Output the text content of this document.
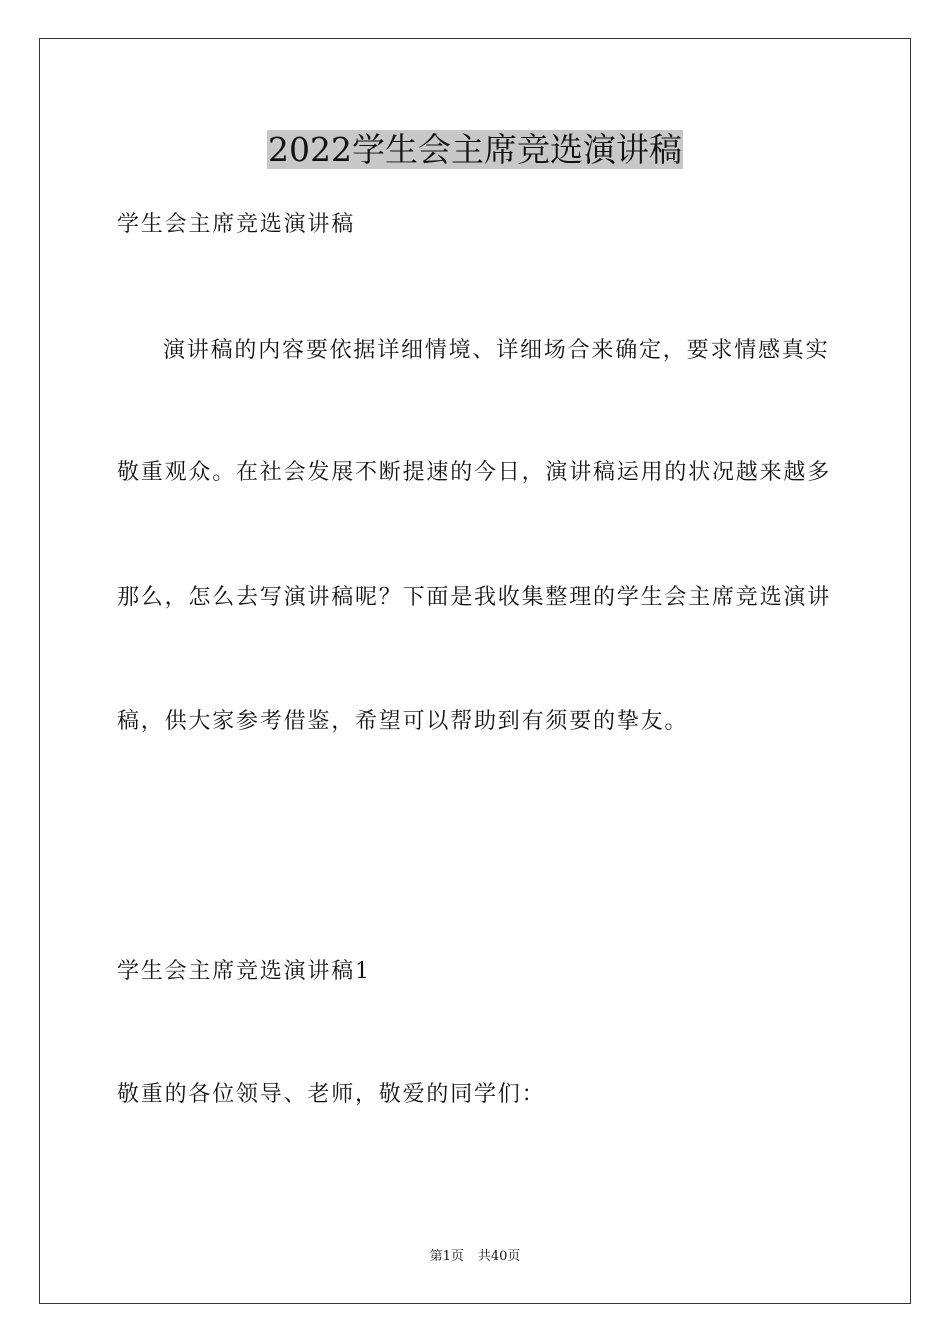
2022学生会主席竞选演讲稿
学生会主席竞选演讲稿
演讲稿的内容要依据详细情境、详细场合来确定，要求情感真实
敬重观众。在社会发展不断提速的今日，演讲稿运用的状况越来越多
那么，怎么去写演讲稿呢？下面是我收集整理的学生会主席竞选演讲
稿，供大家参考借鉴，希望可以帮助到有须要的挚友。
学生会主席竞选演讲稿1
敬重的各位领导、老师，敬爱的同学们：
第1页 共40页
